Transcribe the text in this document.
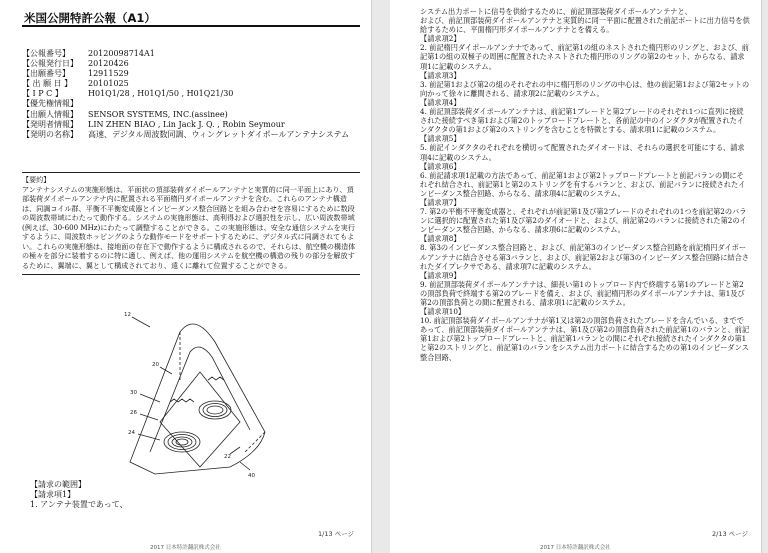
米国公開特許公報（A1）
【公報番号】	20120098714A1
【公報発行日】	20120426
【出願番号】	12911529
【 出 願 日 】	20101025
【 I P C 】	H01Q1/28 , H01Q1/50 , H01Q21/30
【優先権情報】
【出願人情報】	SENSOR SYSTEMS, INC.(assinee)
【発明者情報】	LIN ZHEN BIAO , Lin Jack J. Q. , Robin Seymour
【発明の名称】	高速、デジタル周波数同調、ウィングレットダイポールアンテナシステム
【要約】
アンテナシステムの実施形態は、平面状の頂部装荷ダイポールアンテナと実質的に同一平面上にあり、頂部装荷ダイポールアンテナ内に配置される平面楕円ダイポールアンテナを含む。これらのアンテナ構造は、同調コイル群、平衡不平衡変成器とインピーダンス整合回路とを組み合わせを容易にするために数段の周波数帯域にわたって動作する。システムの実施形態は、高利得および選択性を示し、広い周波数帯域(例えば、30-600 MHz)にわたって調整することができる。この実施形態は、安全な通信システムを実行するように、周波数ホッピングのような動作モードをサポートするために、デジタル式に同調されてもよい。これらの実施形態は、接地面の存在下で動作するように構成されるので、それらは、航空機の構造体の極々を部分に装着するのに特に適し、例えば、他の運用システムを航空機の構造の残りの部分を解放するために、翼端に、翼として構成されており、遠くに離れて位置することができる。
12
20
30
26
24
22
40
【請求の範囲】
【請求項1】
1. アンテナ装置であって、
1/13 ページ
2017 日本特許翻訳株式会社
システム出力ポートに信号を供給するために、前記頂部装荷ダイポールアンテナと、
および、前記頂部装荷ダイポールアンテナと実質的に同一平面に配置された前記ポートに出力信号を供給するために、平面楕円形ダイポールアンテナとを備える。
【請求項2】
2. 前記楕円ダイポールアンテナであって、前記第1の組のネストされた楕円形のリングと、および、前記第1の組の双極子の周囲に配置されたネストされた楕円形のリングの第2のセット、からなる、請求項1に記載のシステム。
【請求項3】
3. 前記第1および第2の組のそれぞれの中に楕円形のリングの中心は、他の前記第1および第2セットの向かって徐々に離間される、請求項2に記載のシステム。
【請求項4】
4. 前記頂部装荷ダイポールアンテナは、前記第1ブレードと第2ブレードのそれぞれ1つに直列に接続された接続すべき第1および第2のトップロードプレートと、各前記の中のインダクタが配置されたインダクタの第1および第2のストリングを含むことを特徴とする、請求項1に記載のシステム。
【請求項5】
5. 前記インダクタのそれぞれを横切って配置されたダイオードは、それらの選択を可能にする、請求項4に記載のシステム。
【請求項6】
6. 前記請求項1記載の方法であって、前記第1および第2トップロードプレートと前記バランの間にそれぞれ結合され、前記第1と第2のストリングを有するバランと、および、前記バランに接続されたインピーダンス整合回路、からなる、請求項4に記載のシステム。
【請求項7】
7. 第2の平衡不平衡変成器と、それぞれが前記第1及び第2ブレードのそれぞれの1つを前記第2のバランに選択的に配置された第1及び第2のダイオードと、および、前記第2のバランに接続された第2のインピーダンス整合回路、からなる、請求項6に記載のシステム。
【請求項8】
8. 第3のインピーダンス整合回路と、および、前記第3のインピーダンス整合回路を前記楕円ダイポールアンテナに結合させる第3バランと、および、前記第2および第3のインピーダンス整合回路に結合されたダイプレクサである、請求項7に記載のシステム。
【請求項9】
9. 前記頂部装荷ダイポールアンテナは、細長い第1のトップロード内で終端する第1のブレードと第2の頂部負荷で終端する第2のブレードを備え、および、前記楕円形のダイポールアンテナは、第1及び第2の頂部負荷との間に配置される、請求項1に記載のシステム。
【請求項10】
10. 前記頂部装荷ダイポールアンテナが第1又は第2の頂部負荷されたブレードを含んでいる、までであって、前記頂部装荷ダイポールアンテナは、第1及び第2の頂部負荷された前記第1のバランと、前記第1および第2トップロードプレートと、前記第1バランとの間にそれぞれ接続されたインダクタの第1と第2のストリングと、前記第1のバランをシステム出力ポートに結合するための第1のインピーダンス整合回路、
2/13 ページ
2017 日本特許翻訳株式会社
